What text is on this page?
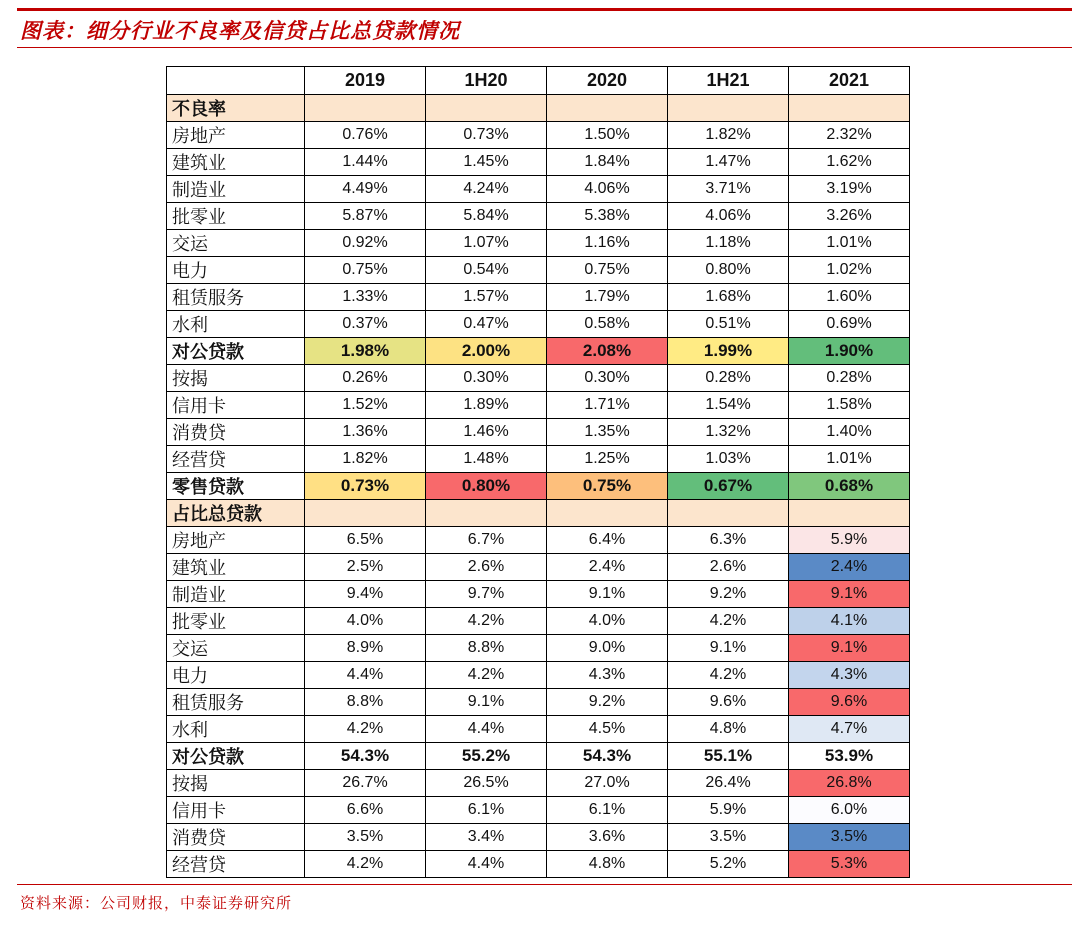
图表：细分行业不良率及信贷占比总贷款情况
	2019	1H20	2020	1H21	2021
不良率					
房地产	0.76%	0.73%	1.50%	1.82%	2.32%
建筑业	1.44%	1.45%	1.84%	1.47%	1.62%
制造业	4.49%	4.24%	4.06%	3.71%	3.19%
批零业	5.87%	5.84%	5.38%	4.06%	3.26%
交运	0.92%	1.07%	1.16%	1.18%	1.01%
电力	0.75%	0.54%	0.75%	0.80%	1.02%
租赁服务	1.33%	1.57%	1.79%	1.68%	1.60%
水利	0.37%	0.47%	0.58%	0.51%	0.69%
对公贷款	1.98%	2.00%	2.08%	1.99%	1.90%
按揭	0.26%	0.30%	0.30%	0.28%	0.28%
信用卡	1.52%	1.89%	1.71%	1.54%	1.58%
消费贷	1.36%	1.46%	1.35%	1.32%	1.40%
经营贷	1.82%	1.48%	1.25%	1.03%	1.01%
零售贷款	0.73%	0.80%	0.75%	0.67%	0.68%
占比总贷款					
房地产	6.5%	6.7%	6.4%	6.3%	5.9%
建筑业	2.5%	2.6%	2.4%	2.6%	2.4%
制造业	9.4%	9.7%	9.1%	9.2%	9.1%
批零业	4.0%	4.2%	4.0%	4.2%	4.1%
交运	8.9%	8.8%	9.0%	9.1%	9.1%
电力	4.4%	4.2%	4.3%	4.2%	4.3%
租赁服务	8.8%	9.1%	9.2%	9.6%	9.6%
水利	4.2%	4.4%	4.5%	4.8%	4.7%
对公贷款	54.3%	55.2%	54.3%	55.1%	53.9%
按揭	26.7%	26.5%	27.0%	26.4%	26.8%
信用卡	6.6%	6.1%	6.1%	5.9%	6.0%
消费贷	3.5%	3.4%	3.6%	3.5%	3.5%
经营贷	4.2%	4.4%	4.8%	5.2%	5.3%
资料来源：公司财报，中泰证券研究所
